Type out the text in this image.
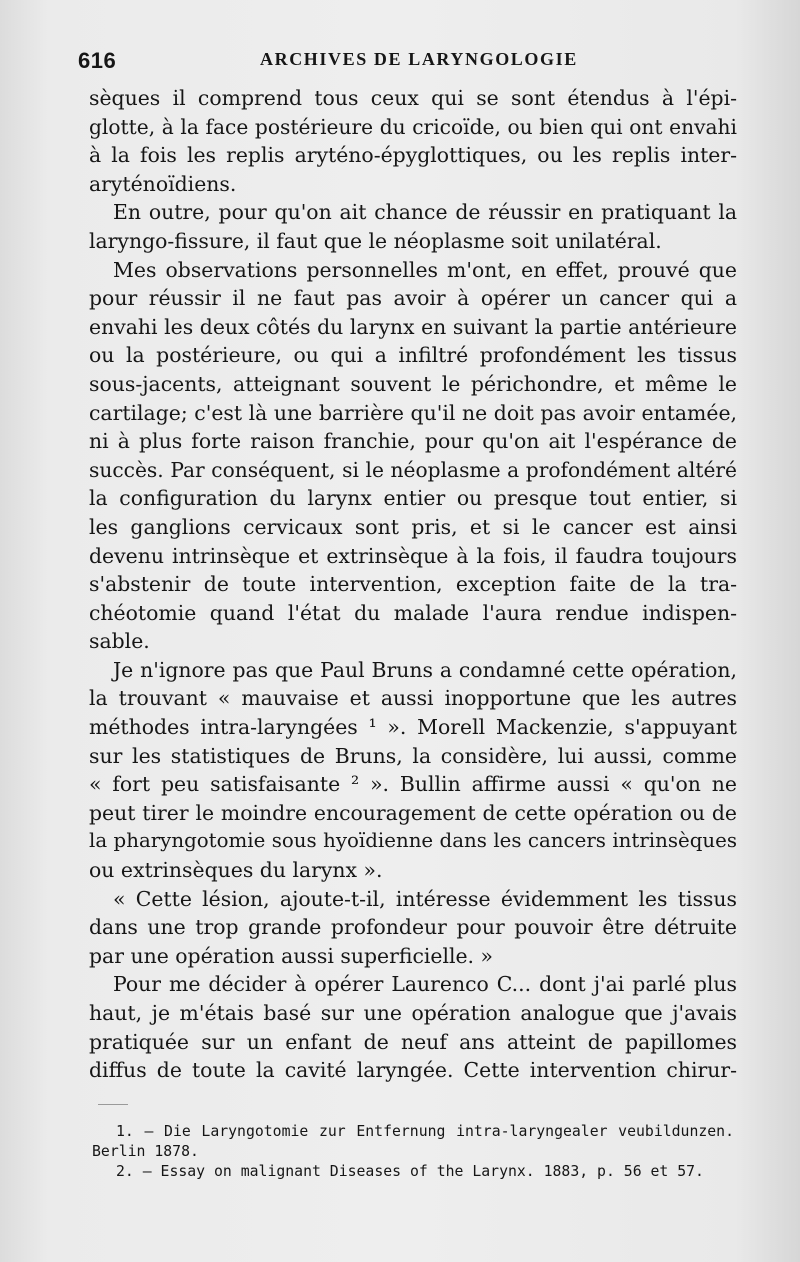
616	ARCHIVES DE LARYNGOLOGIE
sèques il comprend tous ceux qui se sont étendus à l'épi-
glotte, à la face postérieure du cricoïde, ou bien qui ont envahi
à la fois les replis aryténo-épyglottiques, ou les replis inter-
aryténoïdiens.
En outre, pour qu'on ait chance de réussir en pratiquant la
laryngo-fissure, il faut que le néoplasme soit unilatéral.
Mes observations personnelles m'ont, en effet, prouvé que
pour réussir il ne faut pas avoir à opérer un cancer qui a
envahi les deux côtés du larynx en suivant la partie antérieure
ou la postérieure, ou qui a infiltré profondément les tissus
sous-jacents, atteignant souvent le périchondre, et même le
cartilage; c'est là une barrière qu'il ne doit pas avoir entamée,
ni à plus forte raison franchie, pour qu'on ait l'espérance de
succès. Par conséquent, si le néoplasme a profondément altéré
la configuration du larynx entier ou presque tout entier, si
les ganglions cervicaux sont pris, et si le cancer est ainsi
devenu intrinsèque et extrinsèque à la fois, il faudra toujours
s'abstenir de toute intervention, exception faite de la tra-
chéotomie quand l'état du malade l'aura rendue indispen-
sable.
Je n'ignore pas que Paul Bruns a condamné cette opération,
la trouvant « mauvaise et aussi inopportune que les autres
méthodes intra-laryngées ¹ ». Morell Mackenzie, s'appuyant
sur les statistiques de Bruns, la considère, lui aussi, comme
« fort peu satisfaisante ² ». Bullin affirme aussi « qu'on ne
peut tirer le moindre encouragement de cette opération ou de
la pharyngotomie sous hyoïdienne dans les cancers intrinsèques
ou extrinsèques du larynx ».
« Cette lésion, ajoute-t-il, intéresse évidemment les tissus
dans une trop grande profondeur pour pouvoir être détruite
par une opération aussi superficielle. »
Pour me décider à opérer Laurenco C... dont j'ai parlé plus
haut, je m'étais basé sur une opération analogue que j'avais
pratiquée sur un enfant de neuf ans atteint de papillomes
diffus de toute la cavité laryngée. Cette intervention chirur-
1. — Die Laryngotomie zur Entfernung intra-laryngealer veubildunzen.
Berlin 1878.
2. — Essay on malignant Diseases of the Larynx. 1883, p. 56 et 57.
